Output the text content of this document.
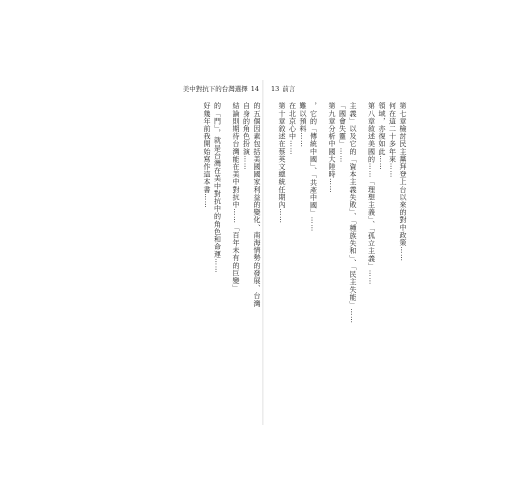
美中對抗下的台灣選擇 14
的五個因素包括美國國家利益的變化、南海情勢的發展、台灣
自身的角色扮演……
結論則期待台灣能在美中對抗中……「百年未有的巨變」
的「門」，就是台灣在美中對抗中的角色和命運……
好幾年前我開始寫作這本書……
13 前言
第七章檢討民主黨拜登上台以來的對中政策……
何在這二十多年來……
領域，亦復如此……
第八章敘述美國的……「理想主義」、「孤立主義」……
主義」以及它的「資本主義失敗」、「種族失和」、「民主失能」……
「國會失靈」……
第九章分析中國大陸時……
，它的「傳統中國」、「共產中國」……
難以預料……
在北京心中……
第十章敘述在蔡英文總統任期內……
